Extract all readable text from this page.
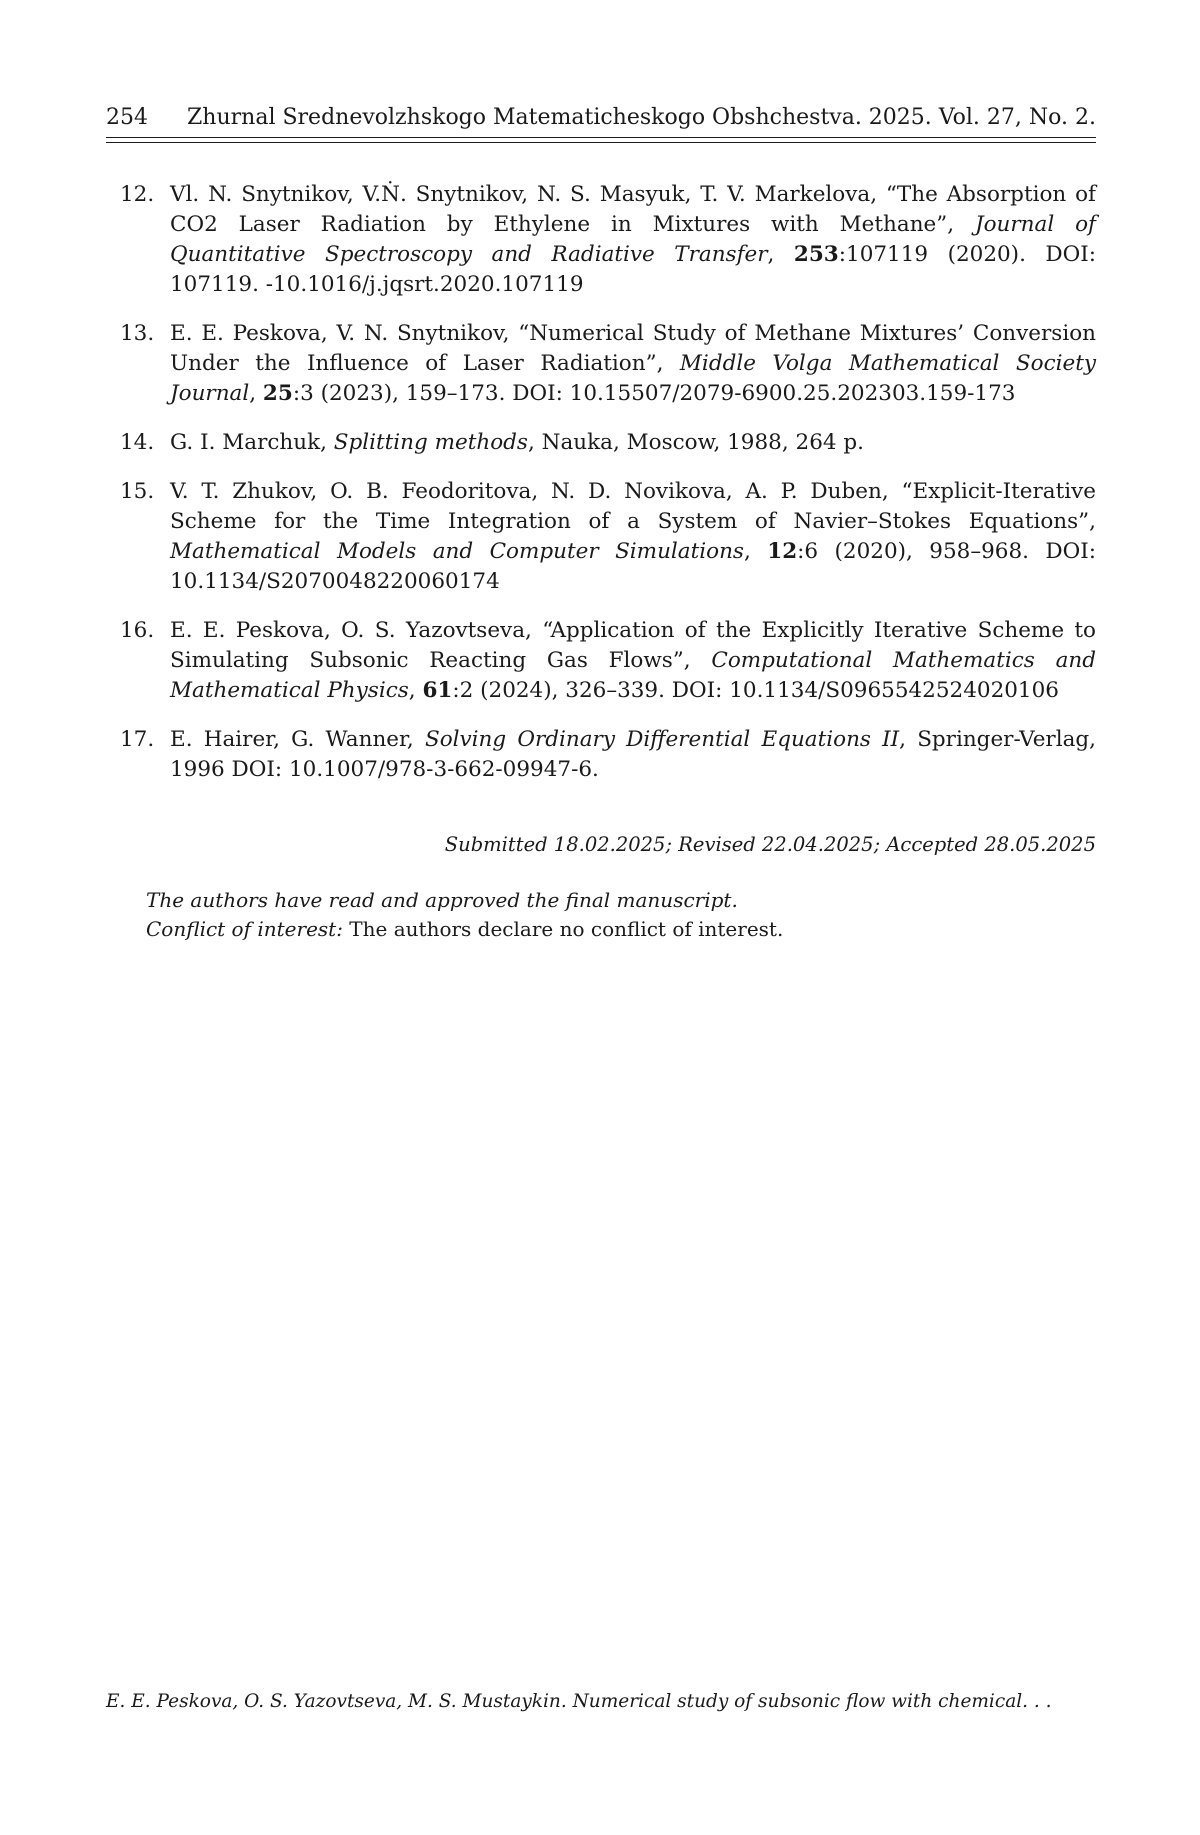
254 Zhurnal Srednevolzhskogo Matematicheskogo Obshchestva. 2025. Vol. 27, No. 2.
12. Vl. N. Snytnikov, V.Ṅ. Snytnikov, N. S. Masyuk, T. V. Markelova, “The Absorption of CO2 Laser Radiation by Ethylene in Mixtures with Methane”, Journal of Quantitative Spectroscopy and Radiative Transfer, 253:107119 (2020). DOI: 107119. -10.1016/j.jqsrt.2020.107119
13. E. E. Peskova, V. N. Snytnikov, “Numerical Study of Methane Mixtures’ Conversion Under the Influence of Laser Radiation”, Middle Volga Mathematical Society Journal, 25:3 (2023), 159–173. DOI: 10.15507/2079-6900.25.202303.159-173
14. G. I. Marchuk, Splitting methods, Nauka, Moscow, 1988, 264 p.
15. V. T. Zhukov, O. B. Feodoritova, N. D. Novikova, A. P. Duben, “Explicit-Iterative Scheme for the Time Integration of a System of Navier–Stokes Equations”, Mathematical Models and Computer Simulations, 12:6 (2020), 958–968. DOI: 10.1134/S2070048220060174
16. E. E. Peskova, O. S. Yazovtseva, “Application of the Explicitly Iterative Scheme to Simulating Subsonic Reacting Gas Flows”, Computational Mathematics and Mathematical Physics, 61:2 (2024), 326–339. DOI: 10.1134/S0965542524020106
17. E. Hairer, G. Wanner, Solving Ordinary Differential Equations II, Springer-Verlag, 1996 DOI: 10.1007/978-3-662-09947-6.
Submitted 18.02.2025; Revised 22.04.2025; Accepted 28.05.2025
The authors have read and approved the final manuscript.
Conflict of interest: The authors declare no conflict of interest.
E. E. Peskova, O. S. Yazovtseva, M. S. Mustaykin. Numerical study of subsonic flow with chemical. . .
